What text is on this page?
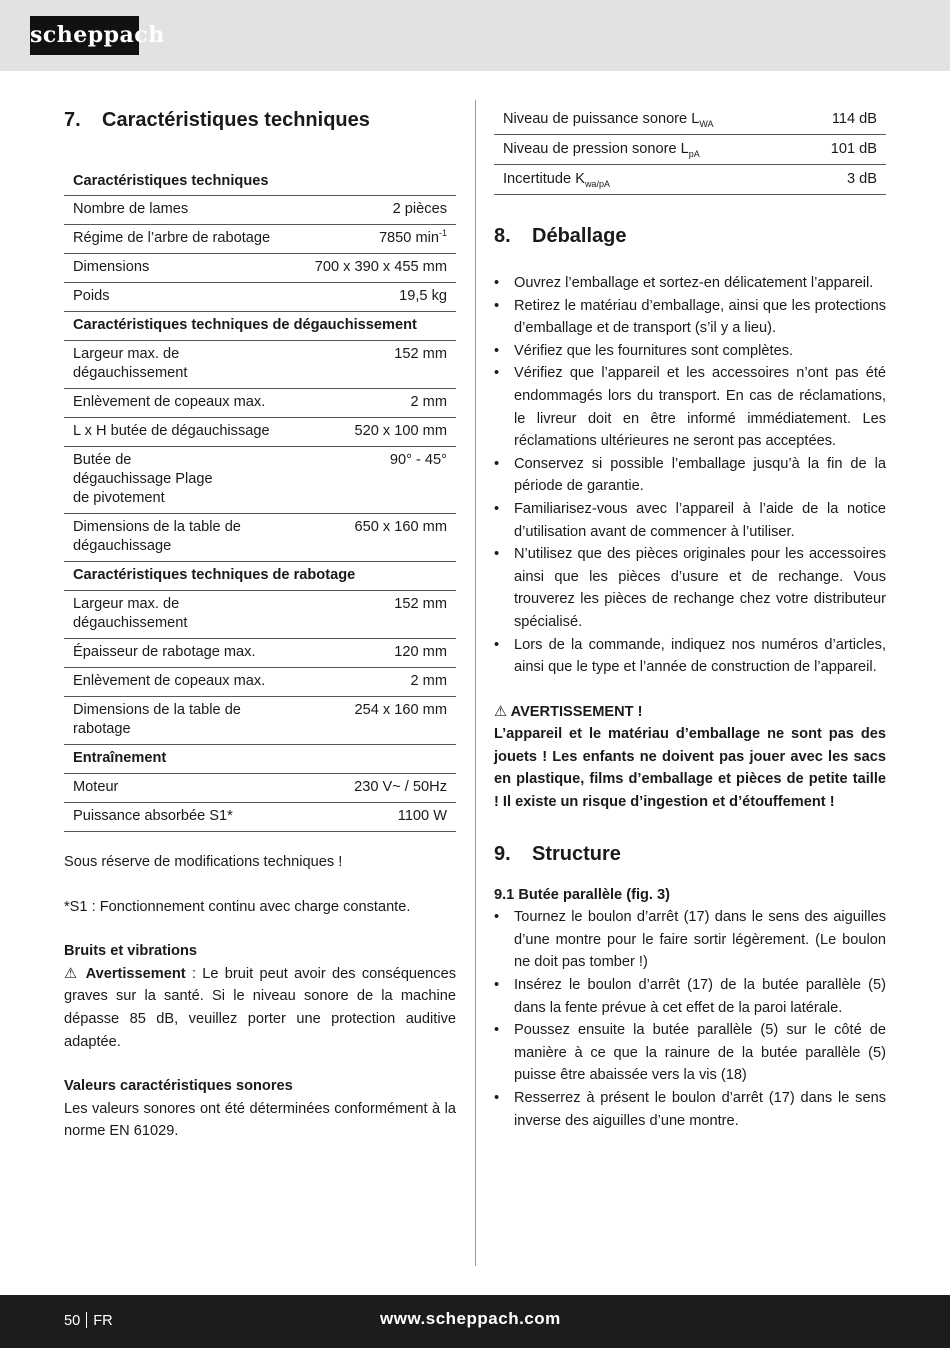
scheppach
7. Caractéristiques techniques
Caractéristiques techniques	
Nombre de lames	2 pièces
Régime de l’arbre de rabotage	7850 $\min^{-1}$
Dimensions	700 x 390 x 455 mm
Poids	19,5 kg
Caractéristiques techniques de dégauchissement	
Largeur max. de dégauchissement	152 mm
Enlèvement de copeaux max.	2 mm
L x H butée de dégauchissage	520 x 100 mm
Butée de dégauchissage Plage de pivotement	90° - 45°
Dimensions de la table de dégauchissage	650 x 160 mm
Caractéristiques techniques de rabotage	
Largeur max. de dégauchissement	152 mm
Épaisseur de rabotage max.	120 mm
Enlèvement de copeaux max.	2 mm
Dimensions de la table de rabotage	254 x 160 mm
Entraînement	
Moteur	230 V~ / 50Hz
Puissance absorbée S1*	1100 W

Sous réserve de modifications techniques !

*S1 : Fonctionnement continu avec charge constante.

Bruits et vibrations

⚠ Avertissement : Le bruit peut avoir des conséquences graves sur la santé. Si le niveau sonore de la machine dépasse 85 dB, veuillez porter une protection auditive adaptée.

Valeurs caractéristiques sonores

Les valeurs sonores ont été déterminées conformément à la norme EN 61029.

Niveau de puissance sonore $L_{WA}$	114 dB
Niveau de pression sonore $L_{pA}$	101 dB
Incertitude $K_{wa/pA}$	3 dB
8. Déballage
• Ouvrez l’emballage et sortez-en délicatement l’appareil.
• Retirez le matériau d’emballage, ainsi que les protections d’emballage et de transport (s’il y a lieu).
• Vérifiez que les fournitures sont complètes.
• Vérifiez que l’appareil et les accessoires n’ont pas été endommagés lors du transport. En cas de réclamations, le livreur doit en être informé immédiatement. Les réclamations ultérieures ne seront pas acceptées.
• Conservez si possible l’emballage jusqu’à la fin de la période de garantie.
• Familiarisez-vous avec l’appareil à l’aide de la notice d’utilisation avant de commencer à l’utiliser.
• N’utilisez que des pièces originales pour les accessoires ainsi que les pièces d’usure et de rechange. Vous trouverez les pièces de rechange chez votre distributeur spécialisé.
• Lors de la commande, indiquez nos numéros d’articles, ainsi que le type et l’année de construction de l’appareil.

⚠ AVERTISSEMENT !

L’appareil et le matériau d’emballage ne sont pas des jouets ! Les enfants ne doivent pas jouer avec les sacs en plastique, films d’emballage et pièces de petite taille ! Il existe un risque d’ingestion et d’étouffement !

9. Structure

9.1 Butée parallèle (fig. 3)

• Tournez le boulon d’arrêt (17) dans le sens des aiguilles d’une montre pour le faire sortir légèrement. (Le boulon ne doit pas tomber !)
• Insérez le boulon d’arrêt (17) de la butée parallèle (5) dans la fente prévue à cet effet de la paroi latérale.
• Poussez ensuite la butée parallèle (5) sur le côté de manière à ce que la rainure de la butée parallèle (5) puisse être abaissée vers la vis (18)
• Resserrez à présent le boulon d’arrêt (17) dans le sens inverse des aiguilles d’une montre.
50 FR	www.scheppach.com
